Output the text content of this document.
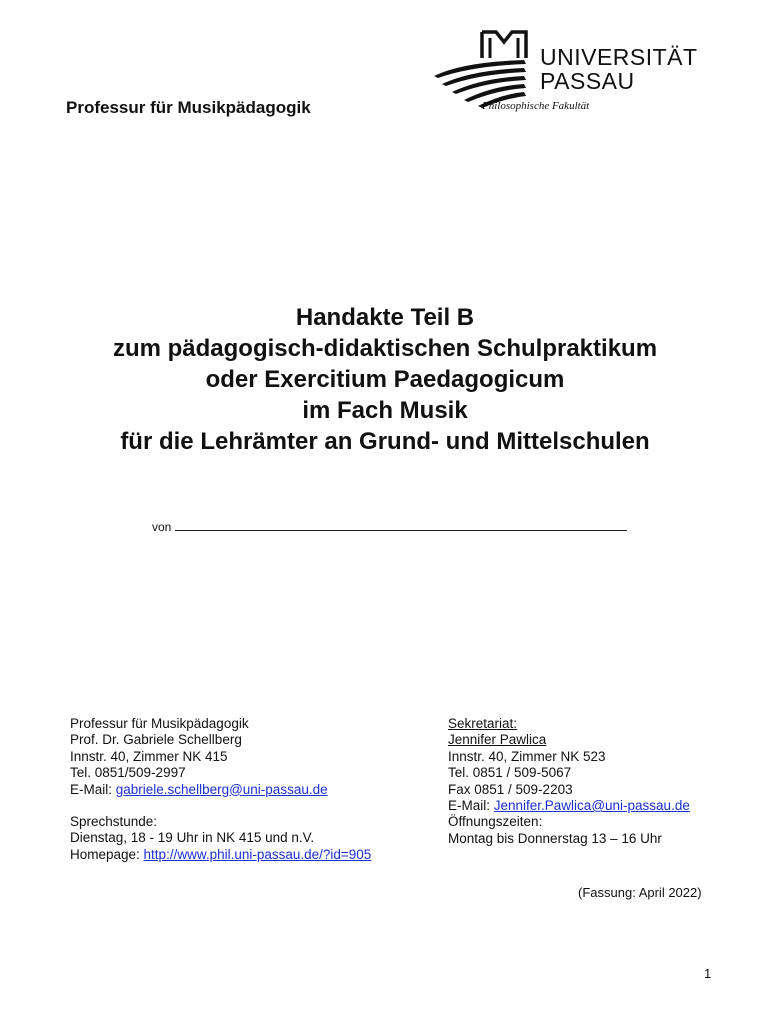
Professur für Musikpädagogik
UNIVERSITÄT
PASSAU
Philosophische Fakultät
Handakte Teil B
zum pädagogisch-didaktischen Schulpraktikum
oder Exercitium Paedagogicum
im Fach Musik
für die Lehrämter an Grund- und Mittelschulen
von
Professur für Musikpädagogik
Prof. Dr. Gabriele Schellberg
Innstr. 40, Zimmer NK 415
Tel. 0851/509-2997
E-Mail: gabriele.schellberg@uni-passau.de
Sprechstunde:
Dienstag, 18 - 19 Uhr in NK 415 und n.V.
Homepage: http://www.phil.uni-passau.de/?id=905
Sekretariat:
Jennifer Pawlica
Innstr. 40, Zimmer NK 523
Tel. 0851 / 509-5067
Fax 0851 / 509-2203
E-Mail: Jennifer.Pawlica@uni-passau.de
Öffnungszeiten:
Montag bis Donnerstag 13 – 16 Uhr
(Fassung: April 2022)
1
